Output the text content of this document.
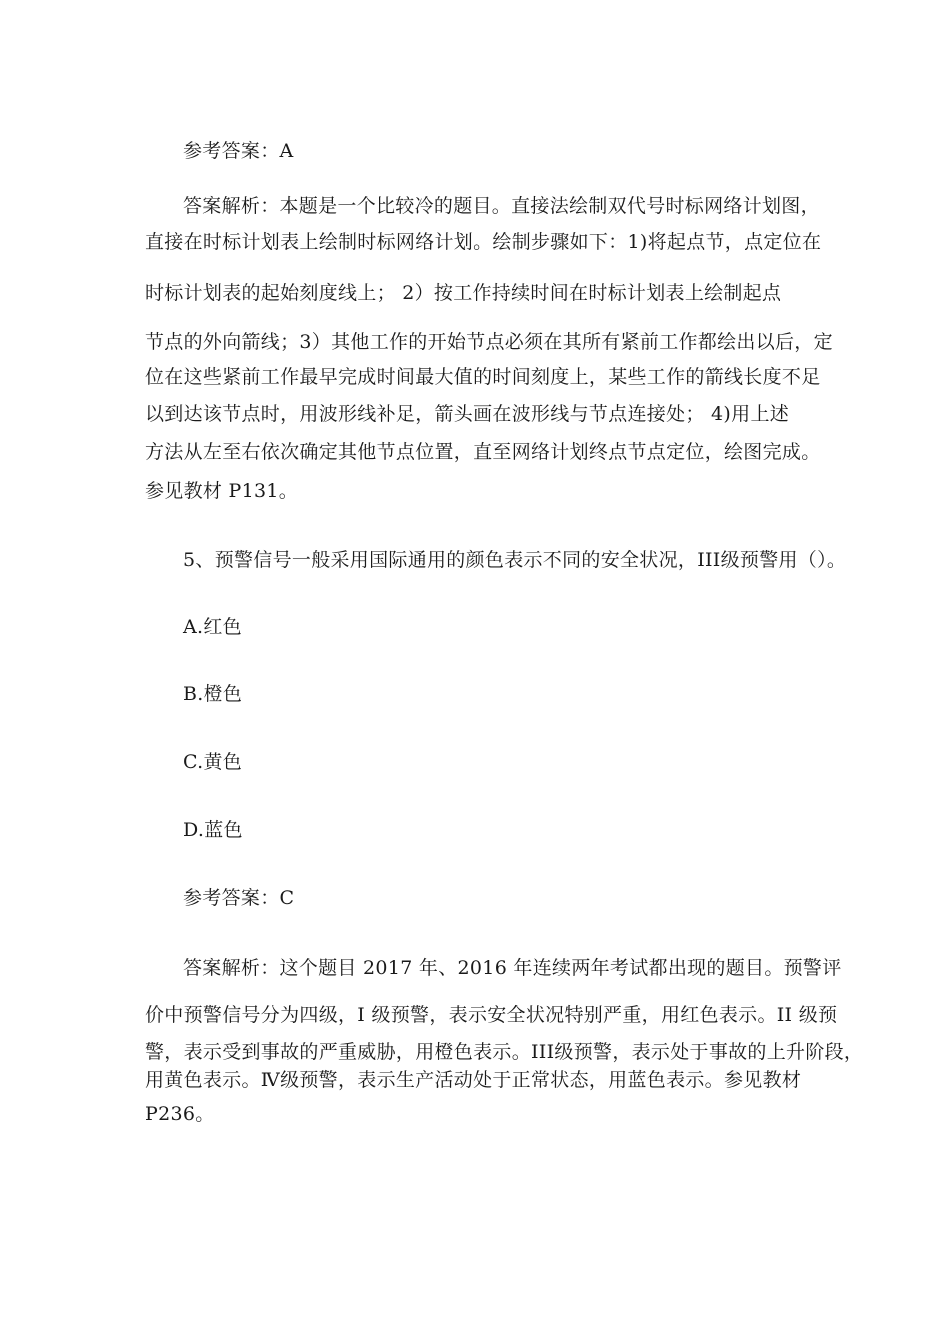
参考答案：A
答案解析：本题是一个比较冷的题目。直接法绘制双代号时标网络计划图，
直接在时标计划表上绘制时标网络计划。绘制步骤如下：1)将起点节，点定位在
时标计划表的起始刻度线上； 2）按工作持续时间在时标计划表上绘制起点
节点的外向箭线；3）其他工作的开始节点必须在其所有紧前工作都绘出以后，定
位在这些紧前工作最早完成时间最大值的时间刻度上，某些工作的箭线长度不足
以到达该节点时，用波形线补足，箭头画在波形线与节点连接处； 4)用上述
方法从左至右依次确定其他节点位置，直至网络计划终点节点定位，绘图完成。
参见教材 P131。
5、预警信号一般采用国际通用的颜色表示不同的安全状况，III级预警用（）。
A.红色
B.橙色
C.黄色
D.蓝色
参考答案：C
答案解析：这个题目 2017 年、2016 年连续两年考试都出现的题目。预警评
价中预警信号分为四级，I 级预警，表示安全状况特别严重，用红色表示。II 级预
警，表示受到事故的严重威胁，用橙色表示。III级预警，表示处于事故的上升阶段，
用黄色表示。Ⅳ级预警，表示生产活动处于正常状态，用蓝色表示。参见教材
P236。
